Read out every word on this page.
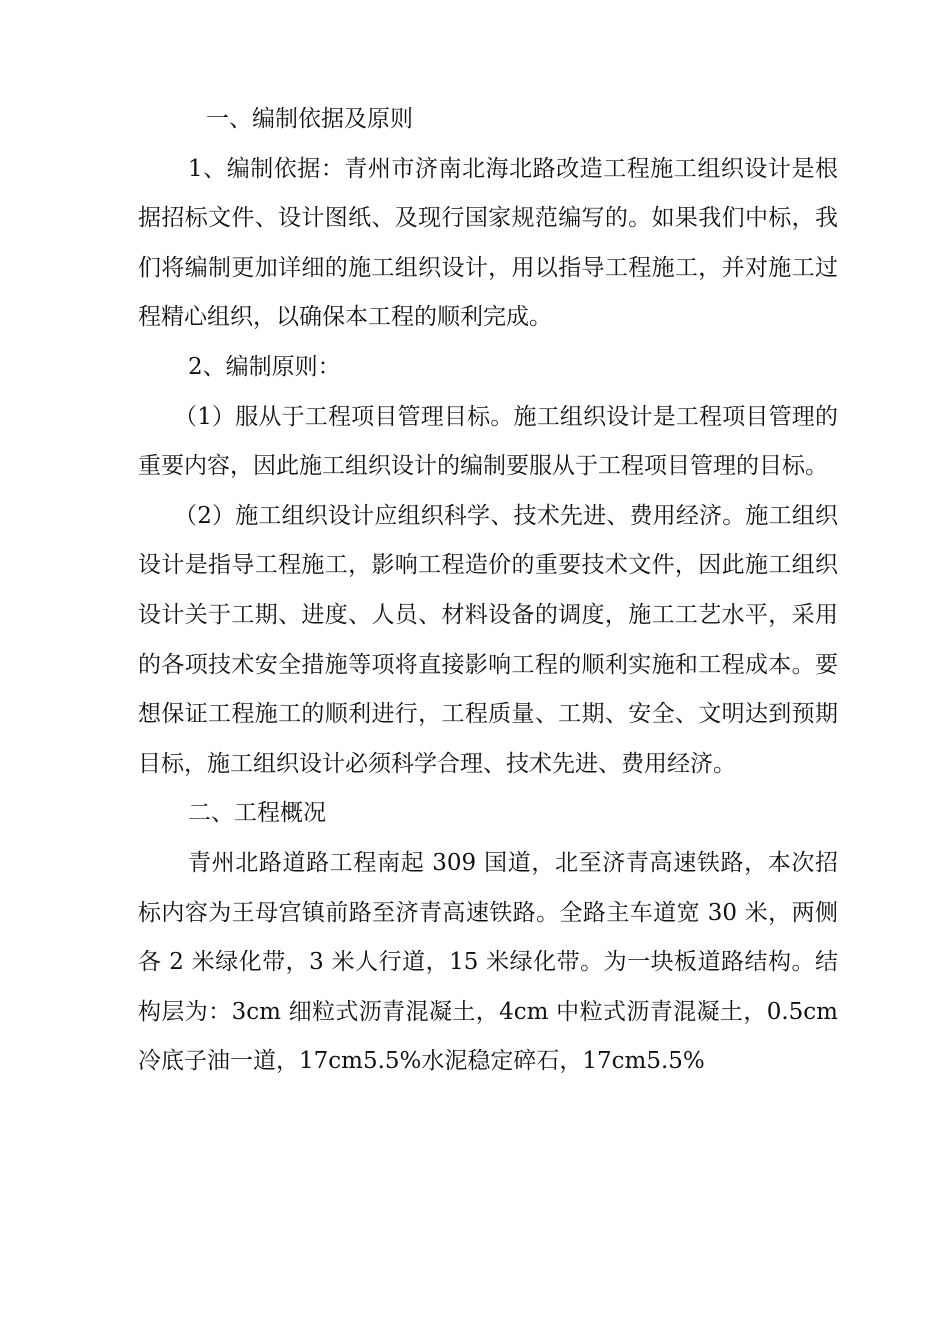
一、编制依据及原则

1、编制依据：青州市济南北海北路改造工程施工组织设计是根据招标文件、设计图纸、及现行国家规范编写的。如果我们中标，我们将编制更加详细的施工组织设计，用以指导工程施工，并对施工过程精心组织，以确保本工程的顺利完成。

2、编制原则：

（1）服从于工程项目管理目标。施工组织设计是工程项目管理的重要内容，因此施工组织设计的编制要服从于工程项目管理的目标。

（2）施工组织设计应组织科学、技术先进、费用经济。施工组织设计是指导工程施工，影响工程造价的重要技术文件，因此施工组织设计关于工期、进度、人员、材料设备的调度，施工工艺水平，采用的各项技术安全措施等项将直接影响工程的顺利实施和工程成本。要想保证工程施工的顺利进行，工程质量、工期、安全、文明达到预期目标，施工组织设计必须科学合理、技术先进、费用经济。

二、工程概况

青州北路道路工程南起 309 国道，北至济青高速铁路，本次招标内容为王母宫镇前路至济青高速铁路。全路主车道宽 30 米，两侧各 2 米绿化带，3 米人行道，15 米绿化带。为一块板道路结构。结构层为：3cm 细粒式沥青混凝土，4cm 中粒式沥青混凝土，0.5cm 冷底子油一道，17cm5.5%水泥稳定碎石，17cm5.5%
